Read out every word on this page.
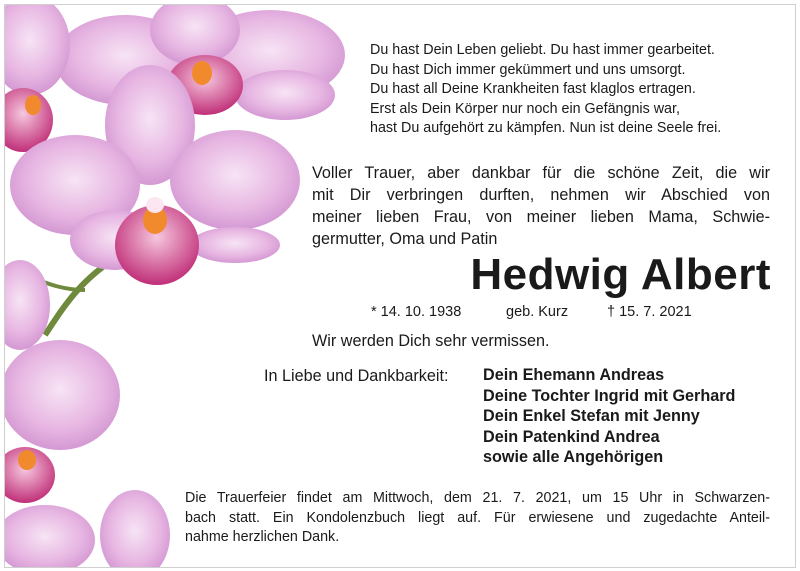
Du hast Dein Leben geliebt. Du hast immer gearbeitet.
Du hast Dich immer gekümmert und uns umsorgt.
Du hast all Deine Krankheiten fast klaglos ertragen.
Erst als Dein Körper nur noch ein Gefängnis war,
hast Du aufgehört zu kämpfen. Nun ist deine Seele frei.
Voller Trauer, aber dankbar für die schöne Zeit, die wir
mit Dir verbringen durften, nehmen wir Abschied von
meiner lieben Frau, von meiner lieben Mama, Schwie-
germutter, Oma und Patin
Hedwig Albert
* 14. 10. 1938	geb. Kurz	† 15. 7. 2021
Wir werden Dich sehr vermissen.
In Liebe und Dankbarkeit: Dein Ehemann Andreas
Deine Tochter Ingrid mit Gerhard
Dein Enkel Stefan mit Jenny
Dein Patenkind Andrea
sowie alle Angehörigen
Die Trauerfeier findet am Mittwoch, dem 21. 7. 2021, um 15 Uhr in Schwarzen-
bach statt. Ein Kondolenzbuch liegt auf. Für erwiesene und zugedachte Anteil-
nahme herzlichen Dank.
